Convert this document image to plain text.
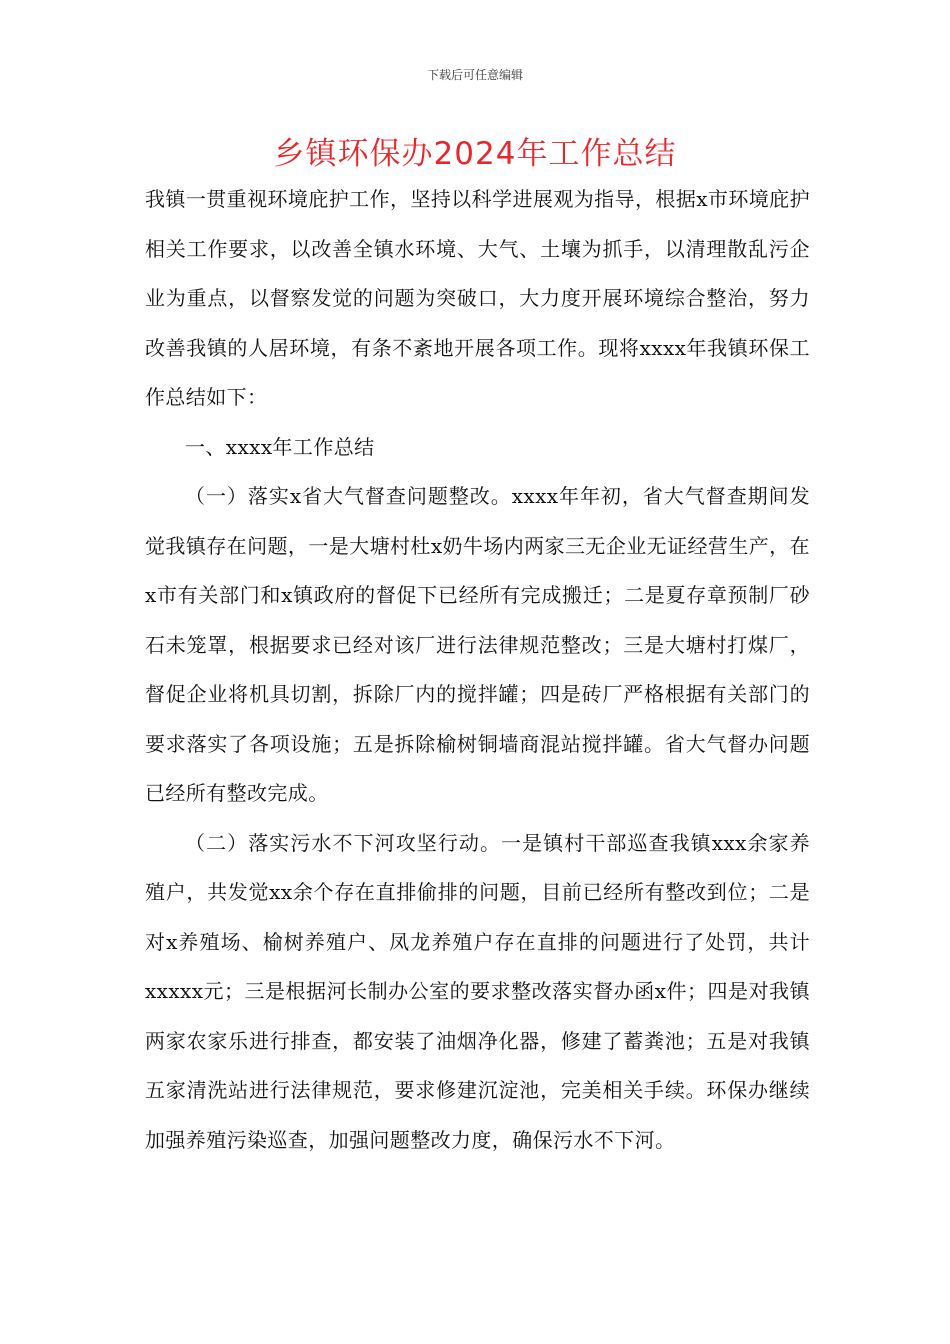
下载后可任意编辑
乡镇环保办2024年工作总结

我镇一贯重视环境庇护工作，坚持以科学进展观为指导，根据x市环境庇护相关工作要求，以改善全镇水环境、大气、土壤为抓手，以清理散乱污企业为重点，以督察发觉的问题为突破口，大力度开展环境综合整治，努力改善我镇的人居环境，有条不紊地开展各项工作。现将xxxx年我镇环保工作总结如下：

一、xxxx年工作总结

（一）落实x省大气督查问题整改。xxxx年年初，省大气督查期间发觉我镇存在问题，一是大塘村杜x奶牛场内两家三无企业无证经营生产，在x市有关部门和x镇政府的督促下已经所有完成搬迁；二是夏存章预制厂砂石未笼罩，根据要求已经对该厂进行法律规范整改；三是大塘村打煤厂，督促企业将机具切割，拆除厂内的搅拌罐；四是砖厂严格根据有关部门的要求落实了各项设施；五是拆除榆树铜墙商混站搅拌罐。省大气督办问题已经所有整改完成。

（二）落实污水不下河攻坚行动。一是镇村干部巡查我镇xxx余家养殖户，共发觉xx余个存在直排偷排的问题，目前已经所有整改到位；二是对x养殖场、榆树养殖户、凤龙养殖户存在直排的问题进行了处罚，共计xxxxx元；三是根据河长制办公室的要求整改落实督办函x件；四是对我镇两家农家乐进行排查，都安装了油烟净化器，修建了蓄粪池；五是对我镇五家清洗站进行法律规范，要求修建沉淀池，完美相关手续。环保办继续加强养殖污染巡查，加强问题整改力度，确保污水不下河。
